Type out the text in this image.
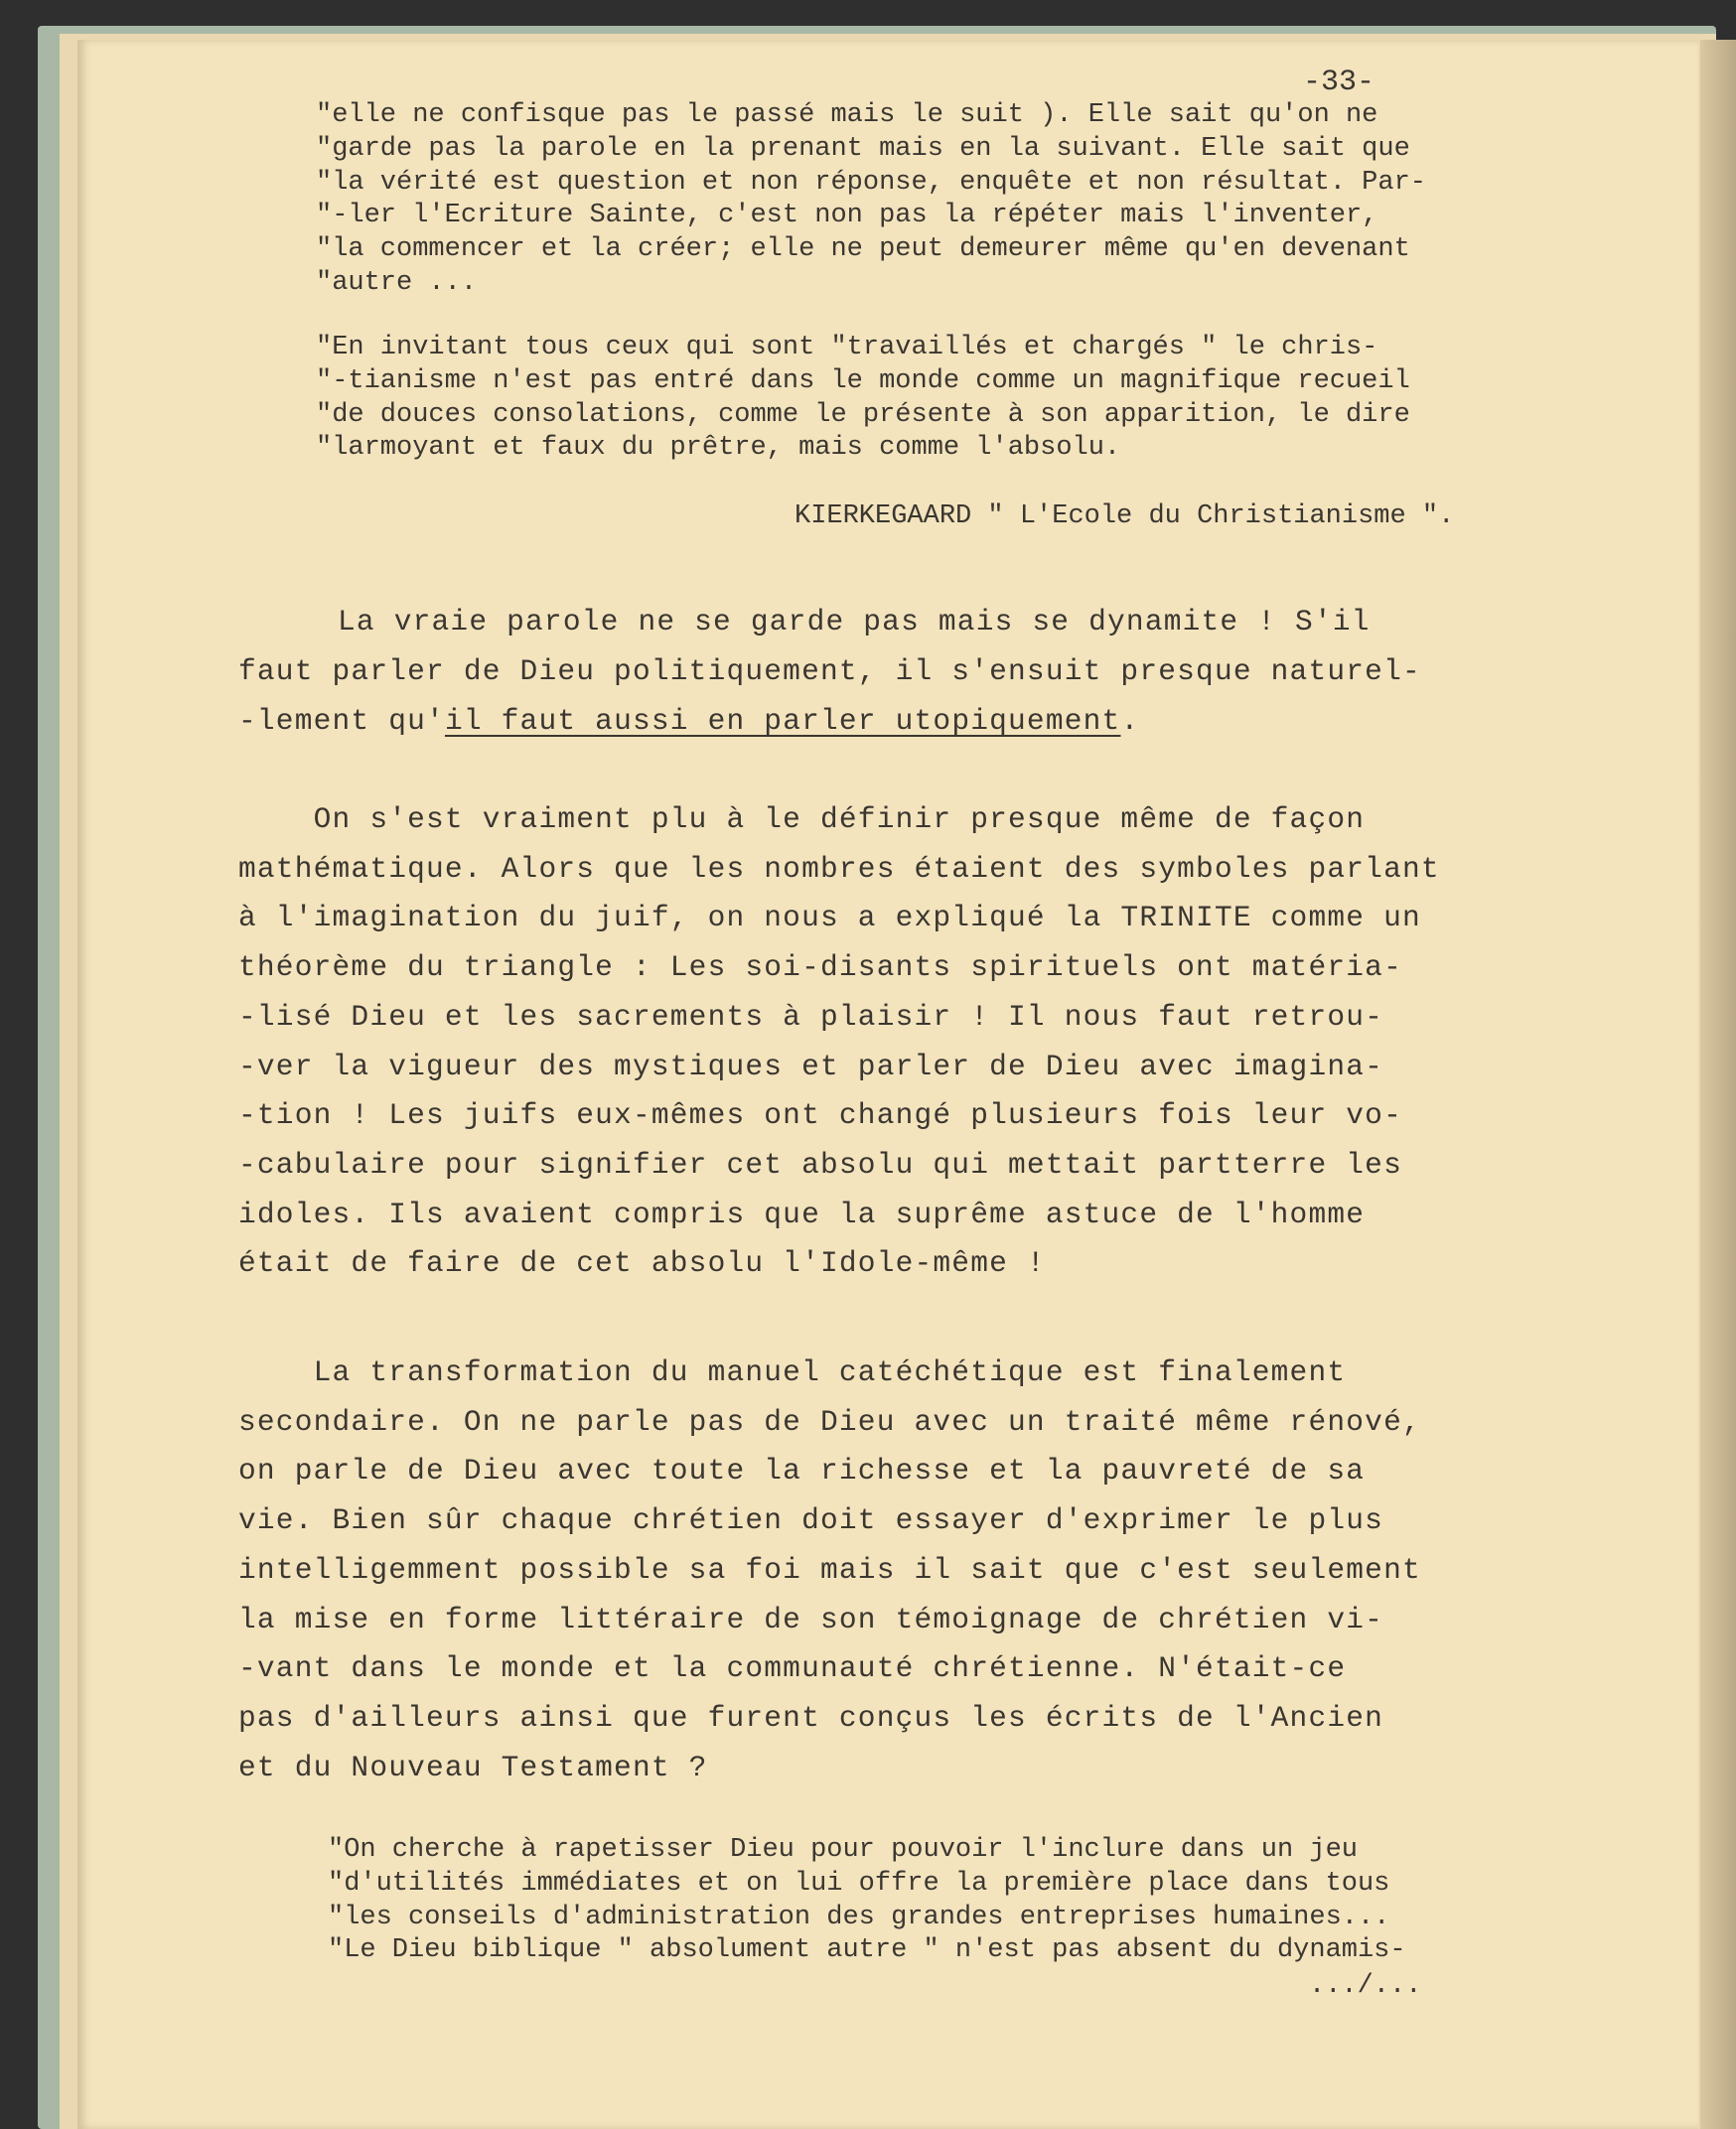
-33-

"elle ne confisque pas le passé mais le suit ). Elle sait qu'on ne
"garde pas la parole en la prenant mais en la suivant. Elle sait que
"la vérité est question et non réponse, enquête et non résultat. Par-
"-ler l'Ecriture Sainte, c'est non pas la répéter mais l'inventer,
"la commencer et la créer; elle ne peut demeurer même qu'en devenant
"autre ...
"En invitant tous ceux qui sont "travaillés et chargés " le chris-
"-tianisme n'est pas entré dans le monde comme un magnifique recueil
"de douces consolations, comme le présente à son apparition, le dire
"larmoyant et faux du prêtre, mais comme l'absolu.

KIERKEGAARD " L'Ecole du Christianisme ".

La vraie parole ne se garde pas mais se dynamite ! S'il

faut parler de Dieu politiquement, il s'ensuit presque naturel-
-lement qu'il faut aussi en parler utopiquement.
On s'est vraiment plu à le définir presque même de façon
mathématique. Alors que les nombres étaient des symboles parlant
à l'imagination du juif, on nous a expliqué la TRINITE comme un
théorème du triangle : Les soi-disants spirituels ont matéria-
-lisé Dieu et les sacrements à plaisir ! Il nous faut retrou-
-ver la vigueur des mystiques et parler de Dieu avec imagina-
-tion ! Les juifs eux-mêmes ont changé plusieurs fois leur vo-
-cabulaire pour signifier cet absolu qui mettait partterre les
idoles. Ils avaient compris que la suprême astuce de l'homme
était de faire de cet absolu l'Idole-même !
La transformation du manuel catéchétique est finalement
secondaire. On ne parle pas de Dieu avec un traité même rénové,
on parle de Dieu avec toute la richesse et la pauvreté de sa
vie. Bien sûr chaque chrétien doit essayer d'exprimer le plus
intelligemment possible sa foi mais il sait que c'est seulement
la mise en forme littéraire de son témoignage de chrétien vi-
-vant dans le monde et la communauté chrétienne. N'était-ce
pas d'ailleurs ainsi que furent conçus les écrits de l'Ancien
et du Nouveau Testament ?
"On cherche à rapetisser Dieu pour pouvoir l'inclure dans un jeu
"d'utilités immédiates et on lui offre la première place dans tous
"les conseils d'administration des grandes entreprises humaines...
"Le Dieu biblique " absolument autre " n'est pas absent du dynamis-

.../...
